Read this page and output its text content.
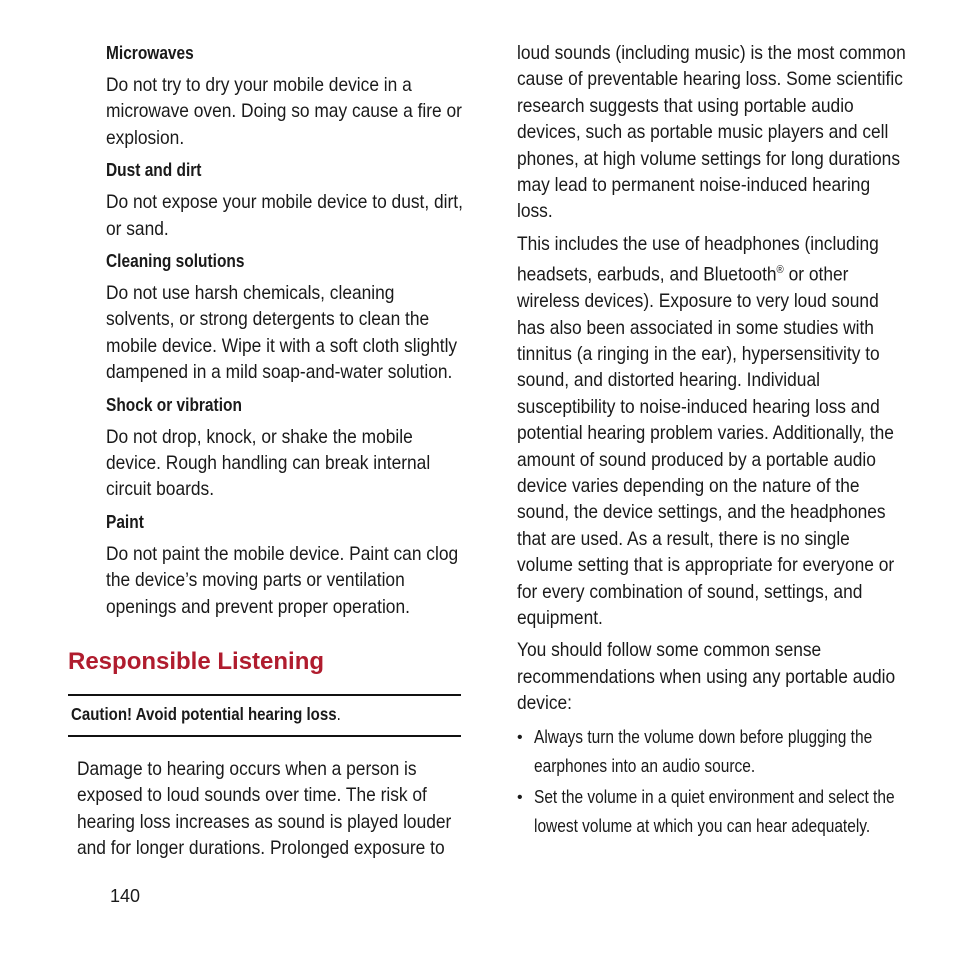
Microwaves

Do not try to dry your mobile device in a microwave oven. Doing so may cause a fire or explosion.

Dust and dirt

Do not expose your mobile device to dust, dirt, or sand.

Cleaning solutions

Do not use harsh chemicals, cleaning solvents, or strong detergents to clean the mobile device. Wipe it with a soft cloth slightly dampened in a mild soap-and-water solution.

Shock or vibration

Do not drop, knock, or shake the mobile device. Rough handling can break internal circuit boards.

Paint

Do not paint the mobile device. Paint can clog the device’s moving parts or ventilation openings and prevent proper operation.

Responsible Listening
Caution! Avoid potential hearing loss.

Damage to hearing occurs when a person is exposed to loud sounds over time. The risk of hearing loss increases as sound is played louder and for longer durations. Prolonged exposure to

loud sounds (including music) is the most common cause of preventable hearing loss. Some scientific research suggests that using portable audio devices, such as portable music players and cell phones, at high volume settings for long durations may lead to permanent noise-induced hearing loss.

This includes the use of headphones (including headsets, earbuds, and Bluetooth® or other wireless devices). Exposure to very loud sound has also been associated in some studies with tinnitus (a ringing in the ear), hypersensitivity to sound, and distorted hearing. Individual susceptibility to noise-induced hearing loss and potential hearing problem varies. Additionally, the amount of sound produced by a portable audio device varies depending on the nature of the sound, the device settings, and the headphones that are used. As a result, there is no single volume setting that is appropriate for everyone or for every combination of sound, settings, and equipment.

You should follow some common sense recommendations when using any portable audio device:

• Always turn the volume down before plugging the earphones into an audio source.
• Set the volume in a quiet environment and select the lowest volume at which you can hear adequately.
140
